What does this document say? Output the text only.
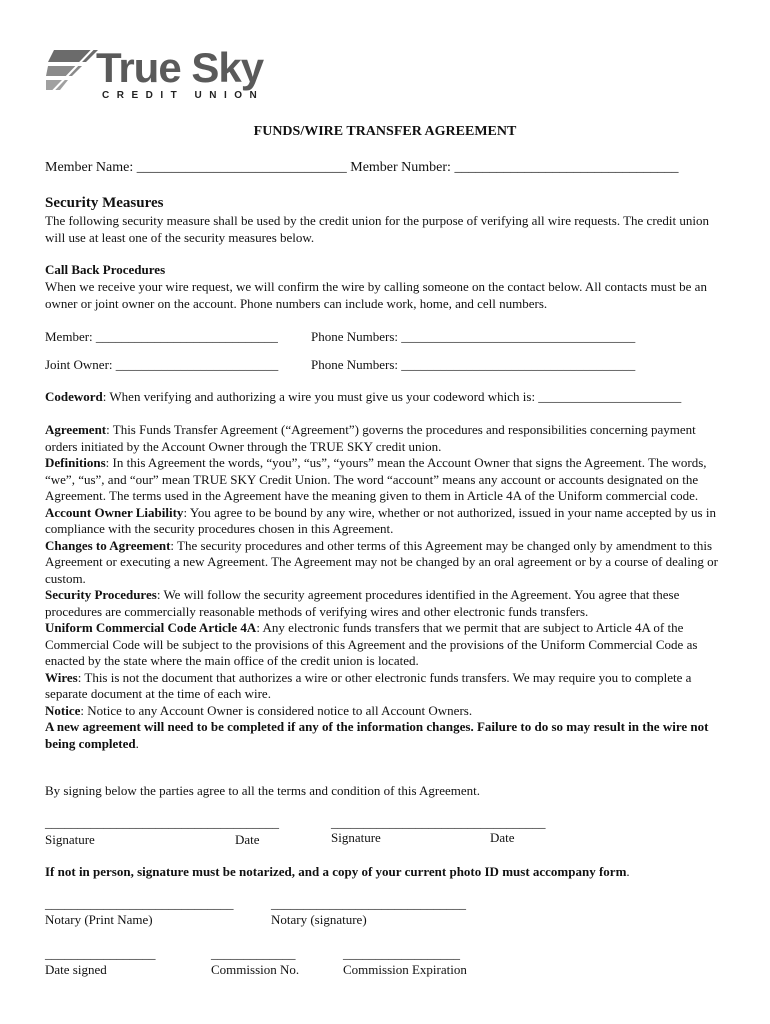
True Sky
CREDIT UNION
FUNDS/WIRE TRANSFER AGREEMENT
Member Name: ______________________________ Member Number: ________________________________
Security Measures
The following security measure shall be used by the credit union for the purpose of verifying all wire requests. The credit union will use at least one of the security measures below.
Call Back Procedures
When we receive your wire request, we will confirm the wire by calling someone on the contact below. All contacts must be an owner or joint owner on the account. Phone numbers can include work, home, and cell numbers.
Member: ____________________________	Phone Numbers: ____________________________________
Joint Owner: _________________________	Phone Numbers: ____________________________________
Codeword: When verifying and authorizing a wire you must give us your codeword which is: ______________________
Agreement: This Funds Transfer Agreement (“Agreement”) governs the procedures and responsibilities concerning payment orders initiated by the Account Owner through the TRUE SKY credit union.
Definitions: In this Agreement the words, “you”, “us”, “yours” mean the Account Owner that signs the Agreement. The words, “we”, “us”, and “our” mean TRUE SKY Credit Union. The word “account” means any account or accounts designated on the Agreement. The terms used in the Agreement have the meaning given to them in Article 4A of the Uniform commercial code.
Account Owner Liability: You agree to be bound by any wire, whether or not authorized, issued in your name accepted by us in compliance with the security procedures chosen in this Agreement.
Changes to Agreement: The security procedures and other terms of this Agreement may be changed only by amendment to this Agreement or executing a new Agreement. The Agreement may not be changed by an oral agreement or by a course of dealing or custom.
Security Procedures: We will follow the security agreement procedures identified in the Agreement. You agree that these procedures are commercially reasonable methods of verifying wires and other electronic funds transfers.
Uniform Commercial Code Article 4A: Any electronic funds transfers that we permit that are subject to Article 4A of the Commercial Code will be subject to the provisions of this Agreement and the provisions of the Uniform Commercial Code as enacted by the state where the main office of the credit union is located.
Wires: This is not the document that authorizes a wire or other electronic funds transfers. We may require you to complete a separate document at the time of each wire.
Notice: Notice to any Account Owner is considered notice to all Account Owners.
A new agreement will need to be completed if any of the information changes. Failure to do so may result in the wire not being completed.
By signing below the parties agree to all the terms and condition of this Agreement.
____________________________________	_________________________________
Signature	Date	Signature	Date
If not in person, signature must be notarized, and a copy of your current photo ID must accompany form.
_____________________________	______________________________
Notary (Print Name)	Notary (signature)
_________________	_____________	__________________
Date signed	Commission No.	Commission Expiration
